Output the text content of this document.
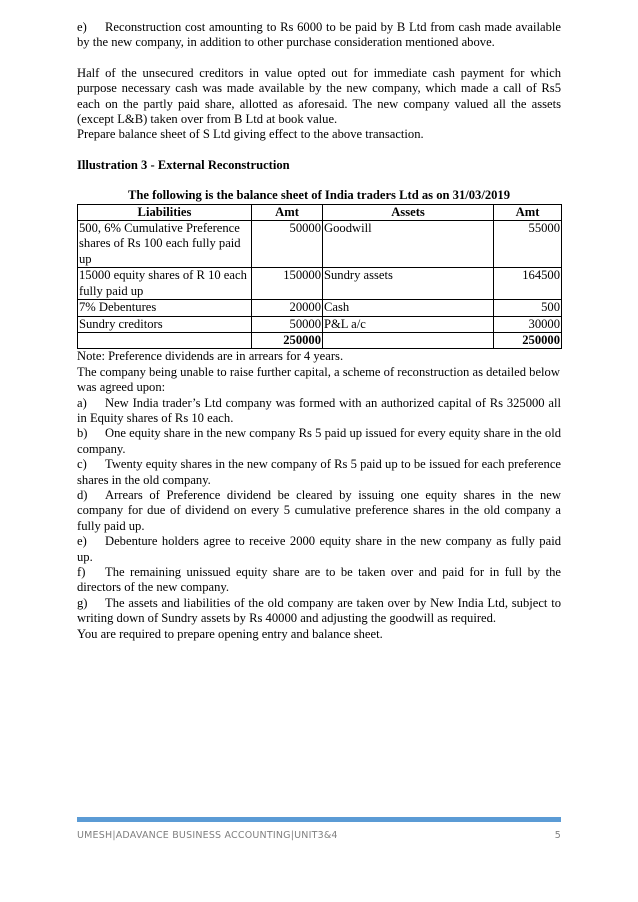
e) Reconstruction cost amounting to Rs 6000 to be paid by B Ltd from cash made available by the new company, in addition to other purchase consideration mentioned above.

Half of the unsecured creditors in value opted out for immediate cash payment for which purpose necessary cash was made available by the new company, which made a call of Rs5 each on the partly paid share, allotted as aforesaid. The new company valued all the assets (except L&B) taken over from B Ltd at book value.

Prepare balance sheet of S Ltd giving effect to the above transaction.

Illustration 3 - External Reconstruction

The following is the balance sheet of India traders Ltd as on 31/03/2019

Liabilities	Amt	Assets	Amt
500, 6% Cumulative Preference shares of Rs 100 each fully paid up	50000	Goodwill	55000
15000 equity shares of R 10 each fully paid up	150000	Sundry assets	164500
7% Debentures	20000	Cash	500
Sundry creditors	50000	P&L a/c	30000
	250000		250000

Note: Preference dividends are in arrears for 4 years.

The company being unable to raise further capital, a scheme of reconstruction as detailed below was agreed upon:

a) New India trader’s Ltd company was formed with an authorized capital of Rs 325000 all in Equity shares of Rs 10 each.

b) One equity share in the new company Rs 5 paid up issued for every equity share in the old company.

c) Twenty equity shares in the new company of Rs 5 paid up to be issued for each preference shares in the old company.

d) Arrears of Preference dividend be cleared by issuing one equity shares in the new company for due of dividend on every 5 cumulative preference shares in the old company a fully paid up.

e) Debenture holders agree to receive 2000 equity share in the new company as fully paid up.

f) The remaining unissued equity share are to be taken over and paid for in full by the directors of the new company.

g) The assets and liabilities of the old company are taken over by New India Ltd, subject to writing down of Sundry assets by Rs 40000 and adjusting the goodwill as required.

You are required to prepare opening entry and balance sheet.

UMESH|ADAVANCE BUSINESS ACCOUNTING|UNIT3&4	5
